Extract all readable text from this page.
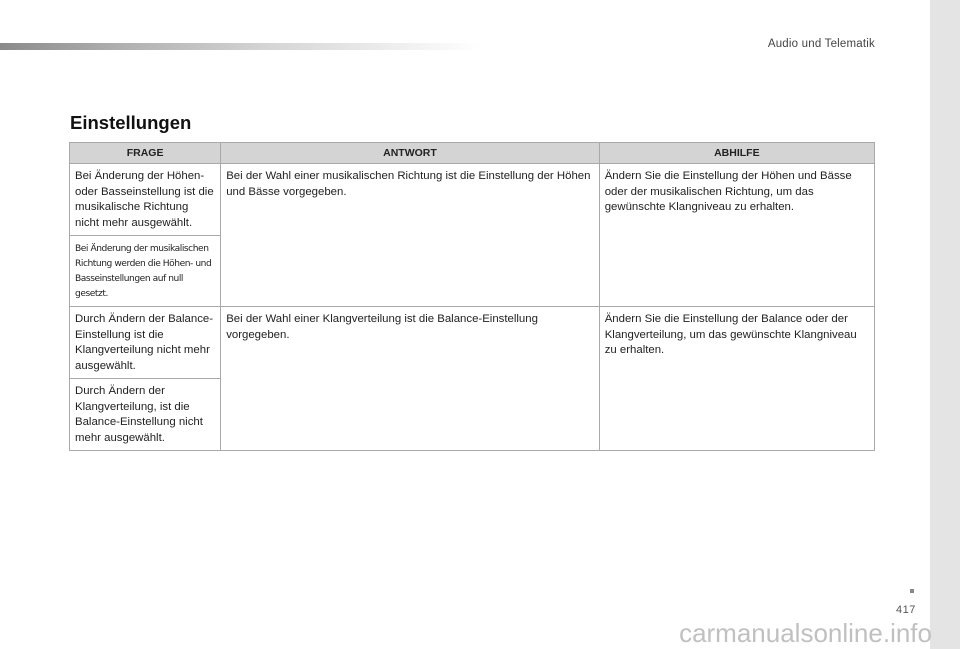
Audio und Telematik
Einstellungen
FRAGE	ANTWORT	ABHILFE
Bei Änderung der Höhen- oder Basseinstellung ist die musikalische Richtung nicht mehr ausgewählt.	Bei der Wahl einer musikalischen Richtung ist die Einstellung der Höhen und Bässe vorgegeben.	Ändern Sie die Einstellung der Höhen und Bässe oder der musikalischen Richtung, um das gewünschte Klangniveau zu erhalten.
Bei Änderung der musikalischen Richtung werden die Höhen- und Basseinstellungen auf null gesetzt.		
Durch Ändern der Balance-Einstellung ist die Klangverteilung nicht mehr ausgewählt.	Bei der Wahl einer Klangverteilung ist die Balance-Einstellung vorgegeben.	Ändern Sie die Einstellung der Balance oder der Klangverteilung, um das gewünschte Klangniveau zu erhalten.
Durch Ändern der Klangverteilung, ist die Balance-Einstellung nicht mehr ausgewählt.		
417
carmanualsonline.info
